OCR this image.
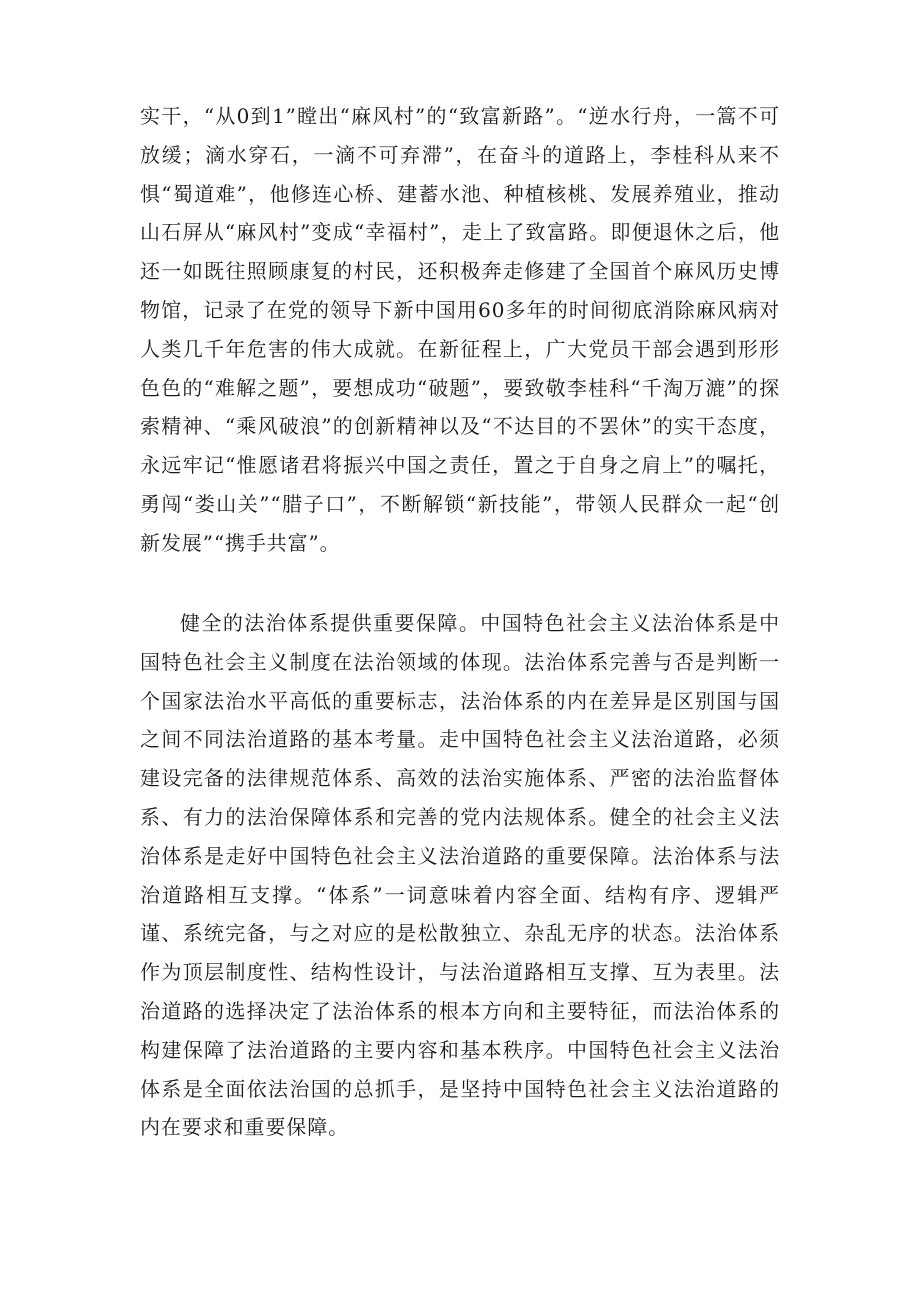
实干，“从0到1”瞠出“麻风村”的“致富新路”。“逆水行舟，一篙不可放缓；滴水穿石，一滴不可弃滞”，在奋斗的道路上，李桂科从来不惧“蜀道难”，他修连心桥、建蓄水池、种植核桃、发展养殖业，推动山石屏从“麻风村”变成“幸福村”，走上了致富路。即便退休之后，他还一如既往照顾康复的村民，还积极奔走修建了全国首个麻风历史博物馆，记录了在党的领导下新中国用60多年的时间彻底消除麻风病对人类几千年危害的伟大成就。在新征程上，广大党员干部会遇到形形色色的“难解之题”，要想成功“破题”，要致敬李桂科“千淘万漉”的探索精神、“乘风破浪”的创新精神以及“不达目的不罢休”的实干态度，永远牢记“惟愿诸君将振兴中国之责任，置之于自身之肩上”的嘱托，勇闯“娄山关”“腊子口”，不断解锁“新技能”，带领人民群众一起“创新发展”“携手共富”。

健全的法治体系提供重要保障。中国特色社会主义法治体系是中国特色社会主义制度在法治领域的体现。法治体系完善与否是判断一个国家法治水平高低的重要标志，法治体系的内在差异是区别国与国之间不同法治道路的基本考量。走中国特色社会主义法治道路，必须建设完备的法律规范体系、高效的法治实施体系、严密的法治监督体系、有力的法治保障体系和完善的党内法规体系。健全的社会主义法治体系是走好中国特色社会主义法治道路的重要保障。法治体系与法治道路相互支撑。“体系”一词意味着内容全面、结构有序、逻辑严谨、系统完备，与之对应的是松散独立、杂乱无序的状态。法治体系作为顶层制度性、结构性设计，与法治道路相互支撑、互为表里。法治道路的选择决定了法治体系的根本方向和主要特征，而法治体系的构建保障了法治道路的主要内容和基本秩序。中国特色社会主义法治体系是全面依法治国的总抓手，是坚持中国特色社会主义法治道路的内在要求和重要保障。
